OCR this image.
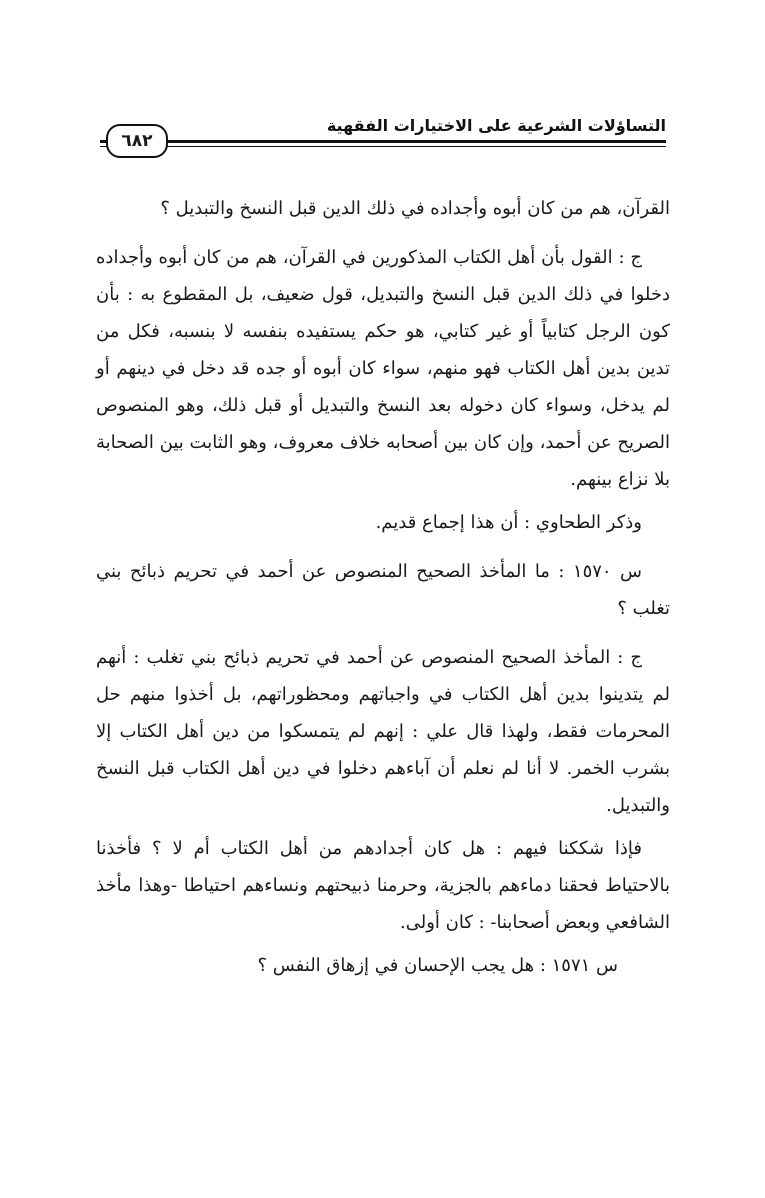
التساؤلات الشرعية على الاختيارات الفقهية
٦٨٢

القرآن، هم من كان أبوه وأجداده في ذلك الدين قبل النسخ والتبديل ؟

ج : القول بأن أهل الكتاب المذكورين في القرآن، هم من كان أبوه وأجداده دخلوا في ذلك الدين قبل النسخ والتبديل، قول ضعيف، بل المقطوع به : بأن كون الرجل كتابياً أو غير كتابي، هو حكم يستفيده بنفسه لا بنسبه، فكل من تدين بدين أهل الكتاب فهو منهم، سواء كان أبوه أو جده قد دخل في دينهم أو لم يدخل، وسواء كان دخوله بعد النسخ والتبديل أو قبل ذلك، وهو المنصوص الصريح عن أحمد، وإن كان بين أصحابه خلاف معروف، وهو الثابت بين الصحابة بلا نزاع بينهم.

وذكر الطحاوي : أن هذا إجماع قديم.

س ١٥٧٠ : ما المأخذ الصحيح المنصوص عن أحمد في تحريم ذبائح بني تغلب ؟

ج : المأخذ الصحيح المنصوص عن أحمد في تحريم ذبائح بني تغلب : أنهم لم يتدينوا بدين أهل الكتاب في واجباتهم ومحظوراتهم، بل أخذوا منهم حل المحرمات فقط، ولهذا قال علي : إنهم لم يتمسكوا من دين أهل الكتاب إلا بشرب الخمر. لا أنا لم نعلم أن آباءهم دخلوا في دين أهل الكتاب قبل النسخ والتبديل.

فإذا شككنا فيهم : هل كان أجدادهم من أهل الكتاب أم لا ؟ فأخذنا بالاحتياط فحقنا دماءهم بالجزية، وحرمنا ذبيحتهم ونساءهم احتياطا -وهذا مأخذ الشافعي وبعض أصحابنا- : كان أولى.

س ١٥٧١ : هل يجب الإحسان في إزهاق النفس ؟
